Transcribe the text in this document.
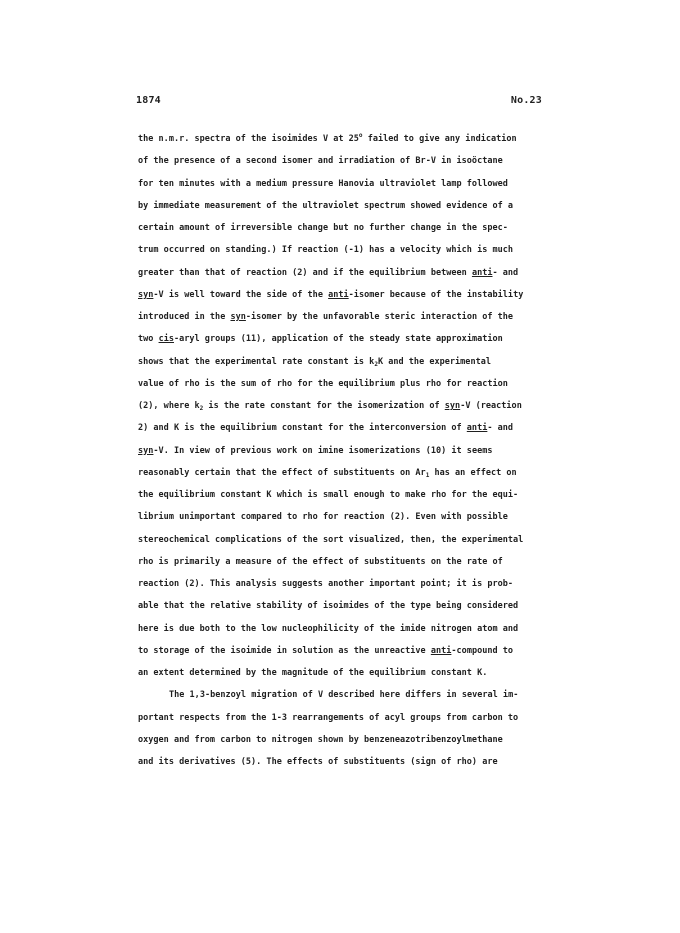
1874	No.23
the n.m.r. spectra of the isoimides V at 25$^o$ failed to give any indication
of the presence of a second isomer and irradiation of Br-V in isoöctane
for ten minutes with a medium pressure Hanovia ultraviolet lamp followed
by immediate measurement of the ultraviolet spectrum showed evidence of a
certain amount of irreversible change but no further change in the spec-
trum occurred on standing.) If reaction (-1) has a velocity which is much
greater than that of reaction (2) and if the equilibrium between anti- and
syn-V is well toward the side of the anti-isomer because of the instability
introduced in the syn-isomer by the unfavorable steric interaction of the
two cis-aryl groups (11), application of the steady state approximation
shows that the experimental rate constant is $k_2K$ and the experimental
value of rho is the sum of rho for the equilibrium plus rho for reaction
(2), where $k_2$ is the rate constant for the isomerization of syn-V (reaction
2) and K is the equilibrium constant for the interconversion of anti- and
syn-V. In view of previous work on imine isomerizations (10) it seems
reasonably certain that the effect of substituents on $Ar_1$ has an effect on
the equilibrium constant K which is small enough to make rho for the equi-
librium unimportant compared to rho for reaction (2). Even with possible
stereochemical complications of the sort visualized, then, the experimental
rho is primarily a measure of the effect of substituents on the rate of
reaction (2). This analysis suggests another important point; it is prob-
able that the relative stability of isoimides of the type being considered
here is due both to the low nucleophilicity of the imide nitrogen atom and
to storage of the isoimide in solution as the unreactive anti-compound to
an extent determined by the magnitude of the equilibrium constant K.
The 1,3-benzoyl migration of V described here differs in several im-
portant respects from the 1-3 rearrangements of acyl groups from carbon to
oxygen and from carbon to nitrogen shown by benzeneazotribenzoylmethane
and its derivatives (5). The effects of substituents (sign of rho) are
